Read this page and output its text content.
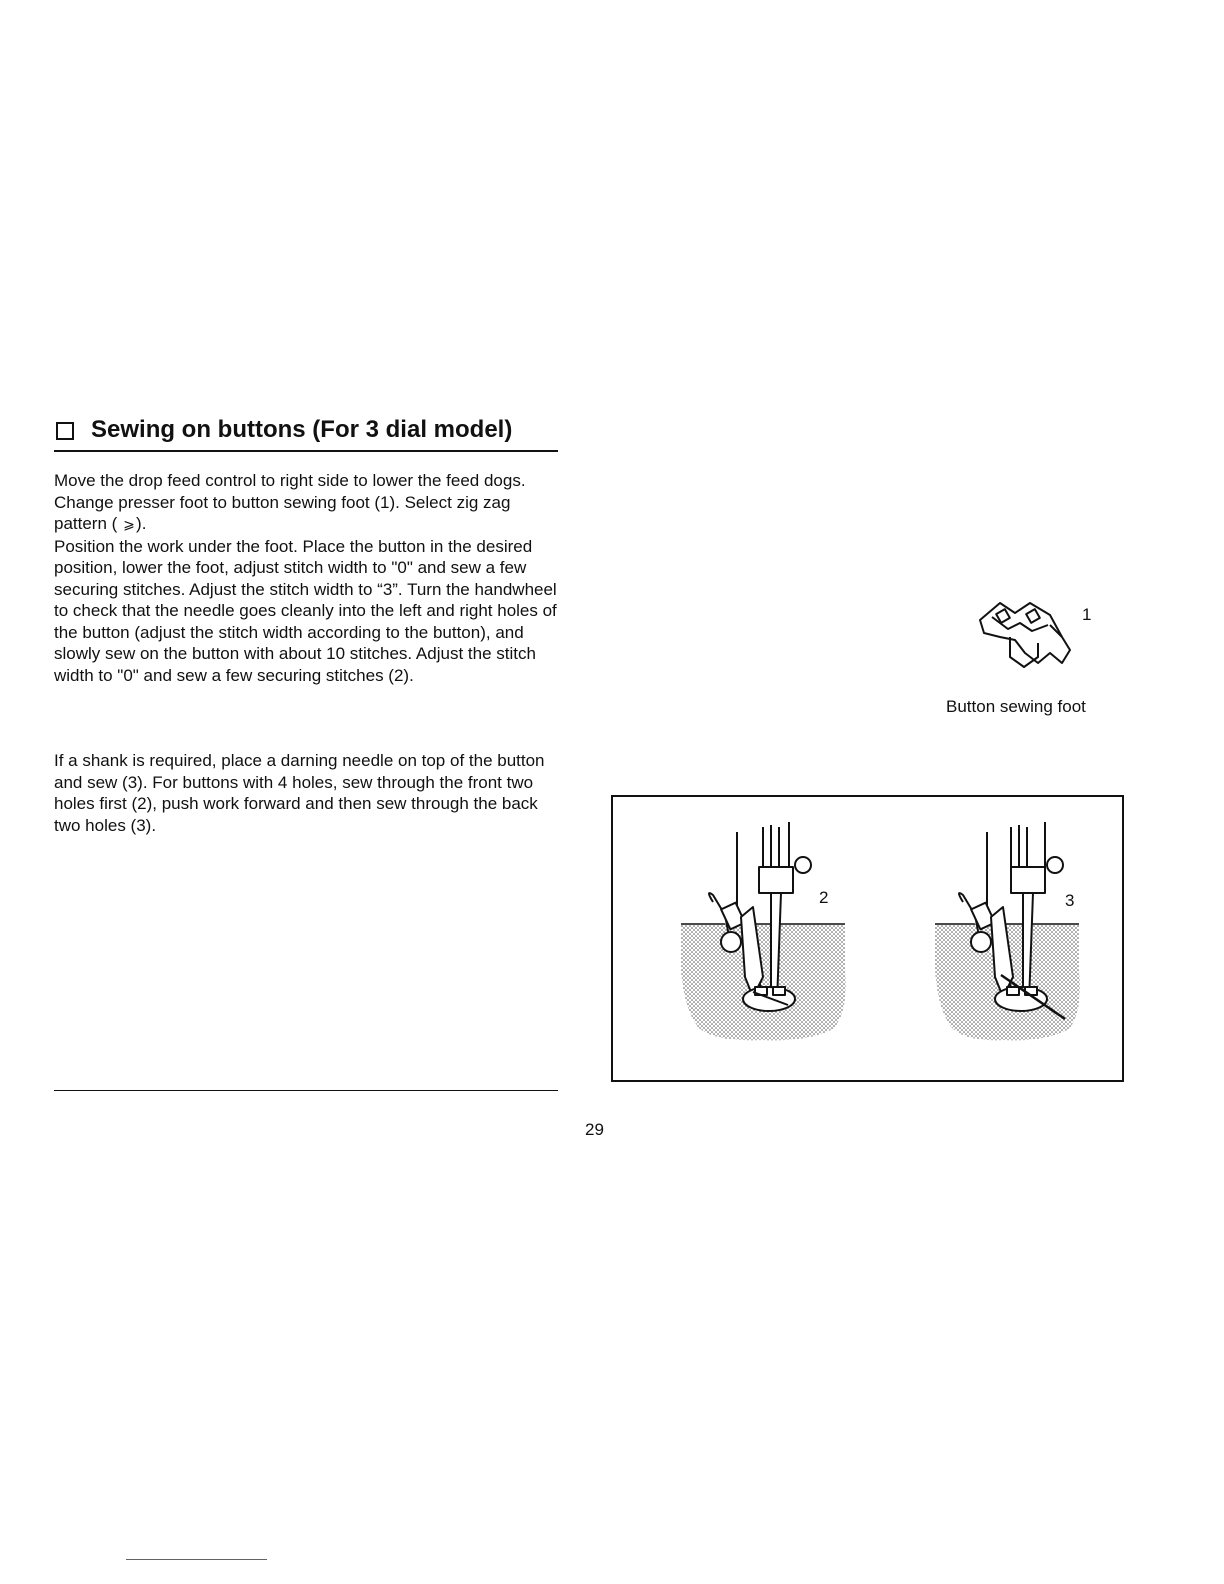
Sewing on buttons (For 3 dial model)

Move the drop feed control to right side to lower the feed dogs.
Change presser foot to button sewing foot (1). Select zig zag pattern ( ⩾).
Position the work under the foot. Place the button in the desired position, lower the foot, adjust stitch width to "0" and sew a few securing stitches. Adjust the stitch width to “3”. Turn the handwheel to check that the needle goes cleanly into the left and right holes of the button (adjust the stitch width according to the button), and slowly sew on the button with about 10 stitches. Adjust the stitch width to "0" and sew a few securing stitches (2).

If a shank is required, place a darning needle on top of the button and sew (3). For buttons with 4 holes, sew through the front two holes first (2), push work forward and then sew through the back two holes (3).

29
1
Button sewing foot
2	3
